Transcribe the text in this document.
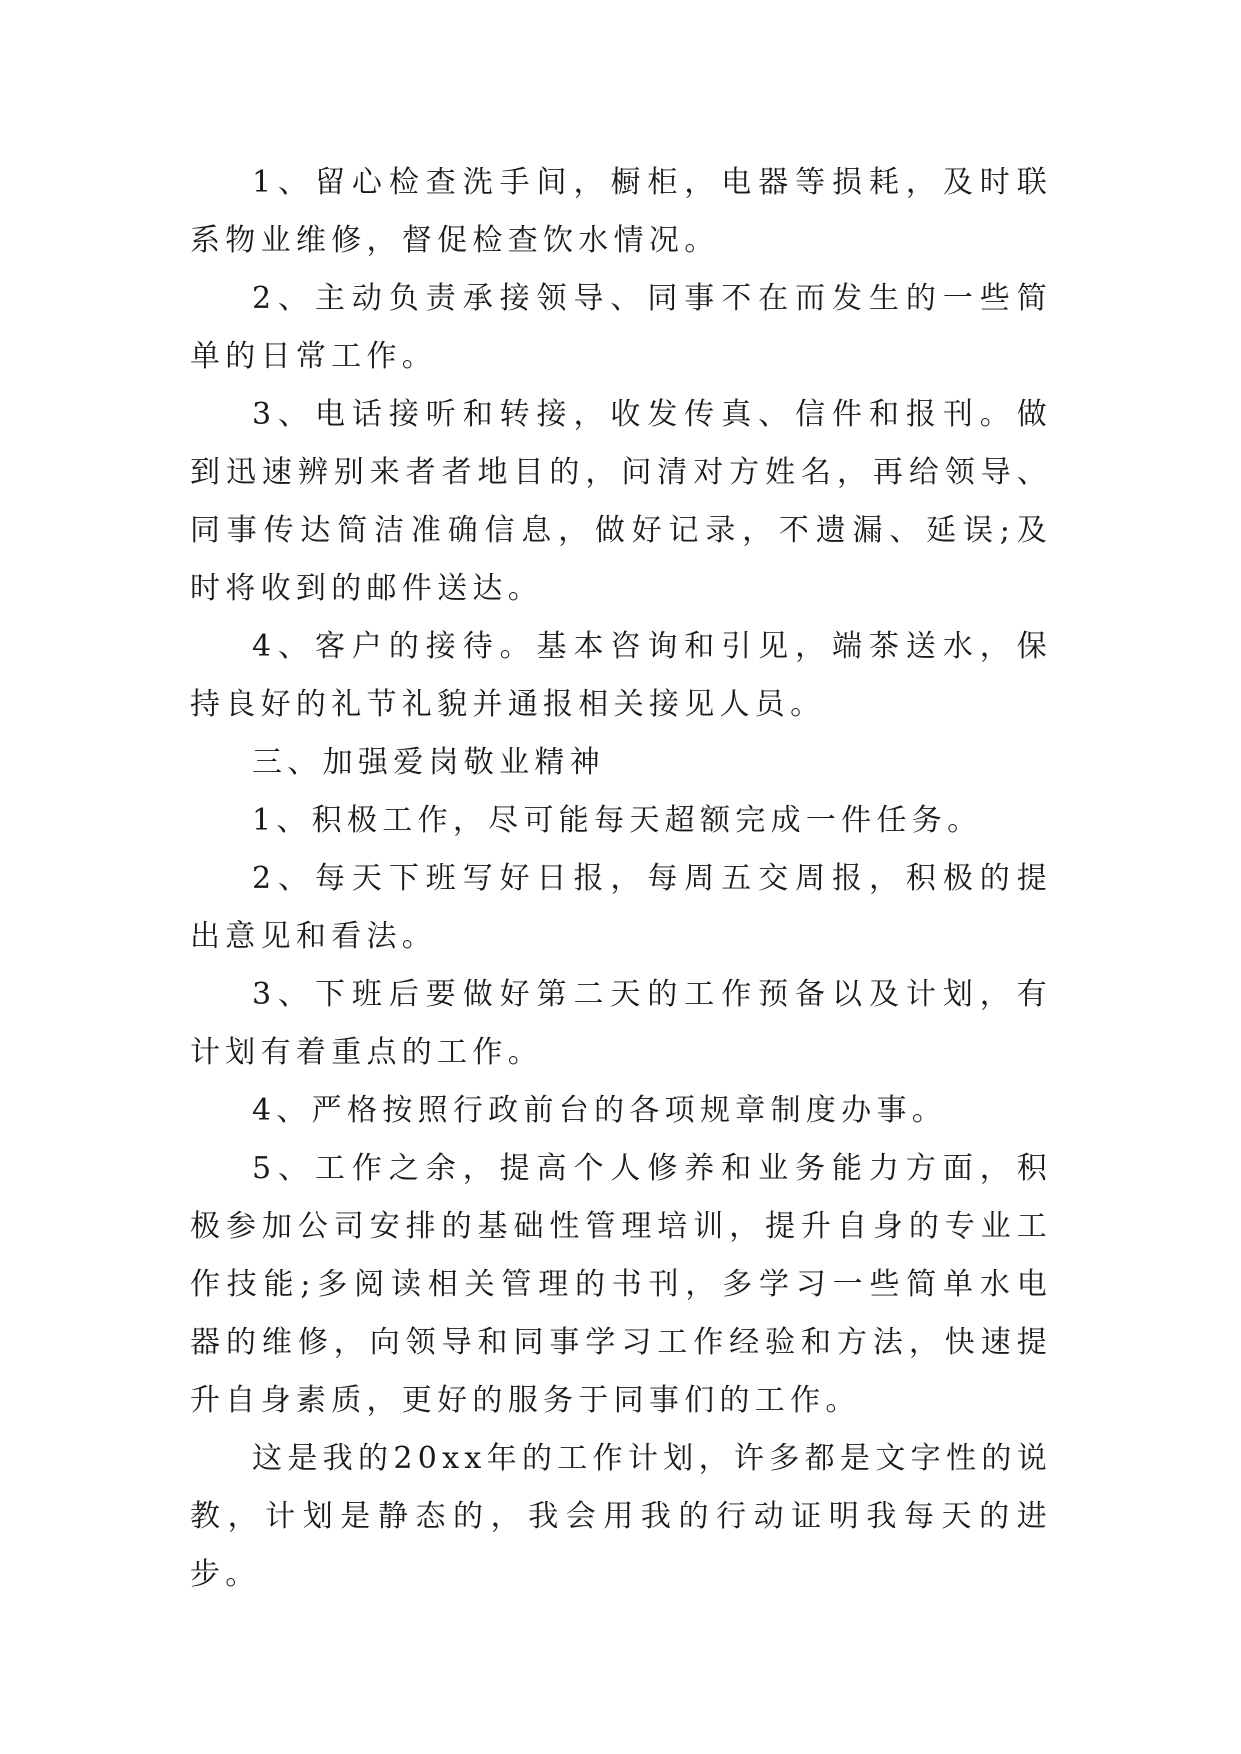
1、留心检查洗手间，橱柜，电器等损耗，及时联系物业维修，督促检查饮水情况。

2、主动负责承接领导、同事不在而发生的一些简单的日常工作。

3、电话接听和转接，收发传真、信件和报刊。做到迅速辨别来者者地目的，问清对方姓名，再给领导、同事传达简洁准确信息，做好记录，不遗漏、延误;及时将收到的邮件送达。

4、客户的接待。基本咨询和引见，端茶送水，保持良好的礼节礼貌并通报相关接见人员。

三、加强爱岗敬业精神

1、积极工作，尽可能每天超额完成一件任务。

2、每天下班写好日报，每周五交周报，积极的提出意见和看法。

3、下班后要做好第二天的工作预备以及计划，有计划有着重点的工作。

4、严格按照行政前台的各项规章制度办事。

5、工作之余，提高个人修养和业务能力方面，积极参加公司安排的基础性管理培训，提升自身的专业工作技能;多阅读相关管理的书刊，多学习一些简单水电器的维修，向领导和同事学习工作经验和方法，快速提升自身素质，更好的服务于同事们的工作。

这是我的20xx年的工作计划，许多都是文字性的说教，计划是静态的，我会用我的行动证明我每天的进步。
